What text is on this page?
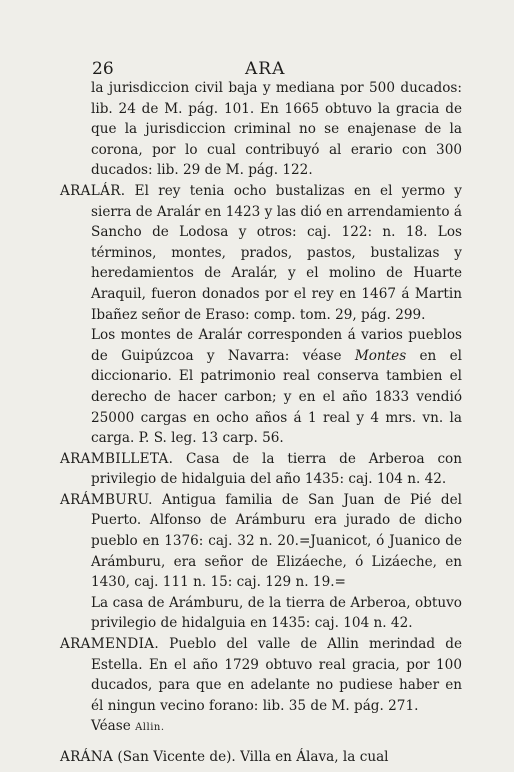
26	ARA

la jurisdiccion civil baja y mediana por 500 ducados: lib. 24 de M. pág. 101. En 1665 obtuvo la gracia de que la jurisdiccion criminal no se enajenase de la corona, por lo cual contribuyó al erario con 300 ducados: lib. 29 de M. pág. 122.

ARALÁR. El rey tenia ocho bustalizas en el yermo y sierra de Aralár en 1423 y las dió en arrendamiento á Sancho de Lodosa y otros: caj. 122: n. 18. Los términos, montes, prados, pastos, bustalizas y heredamientos de Aralár, y el molino de Huarte Araquil, fueron donados por el rey en 1467 á Martin Ibañez señor de Eraso: comp. tom. 29, pág. 299.

Los montes de Aralár corresponden á varios pueblos de Guipúzcoa y Navarra: véase Montes en el diccionario. El patrimonio real conserva tambien el derecho de hacer carbon; y en el año 1833 vendió 25000 cargas en ocho años á 1 real y 4 mrs. vn. la carga. P. S. leg. 13 carp. 56.

ARAMBILLETA. Casa de la tierra de Arberoa con privilegio de hidalguia del año 1435: caj. 104 n. 42.

ARÁMBURU. Antigua familia de San Juan de Pié del Puerto. Alfonso de Arámburu era jurado de dicho pueblo en 1376: caj. 32 n. 20.=Juanicot, ó Juanico de Arámburu, era señor de Elizáeche, ó Lizáeche, en 1430, caj. 111 n. 15: caj. 129 n. 19.=

La casa de Arámburu, de la tierra de Arberoa, obtuvo privilegio de hidalguia en 1435: caj. 104 n. 42.

ARAMENDIA. Pueblo del valle de Allin merindad de Estella. En el año 1729 obtuvo real gracia, por 100 ducados, para que en adelante no pudiese haber en él ningun vecino forano: lib. 35 de M. pág. 271.

Véase Allin.

ARÁNA (San Vicente de). Villa en Álava, la cual
